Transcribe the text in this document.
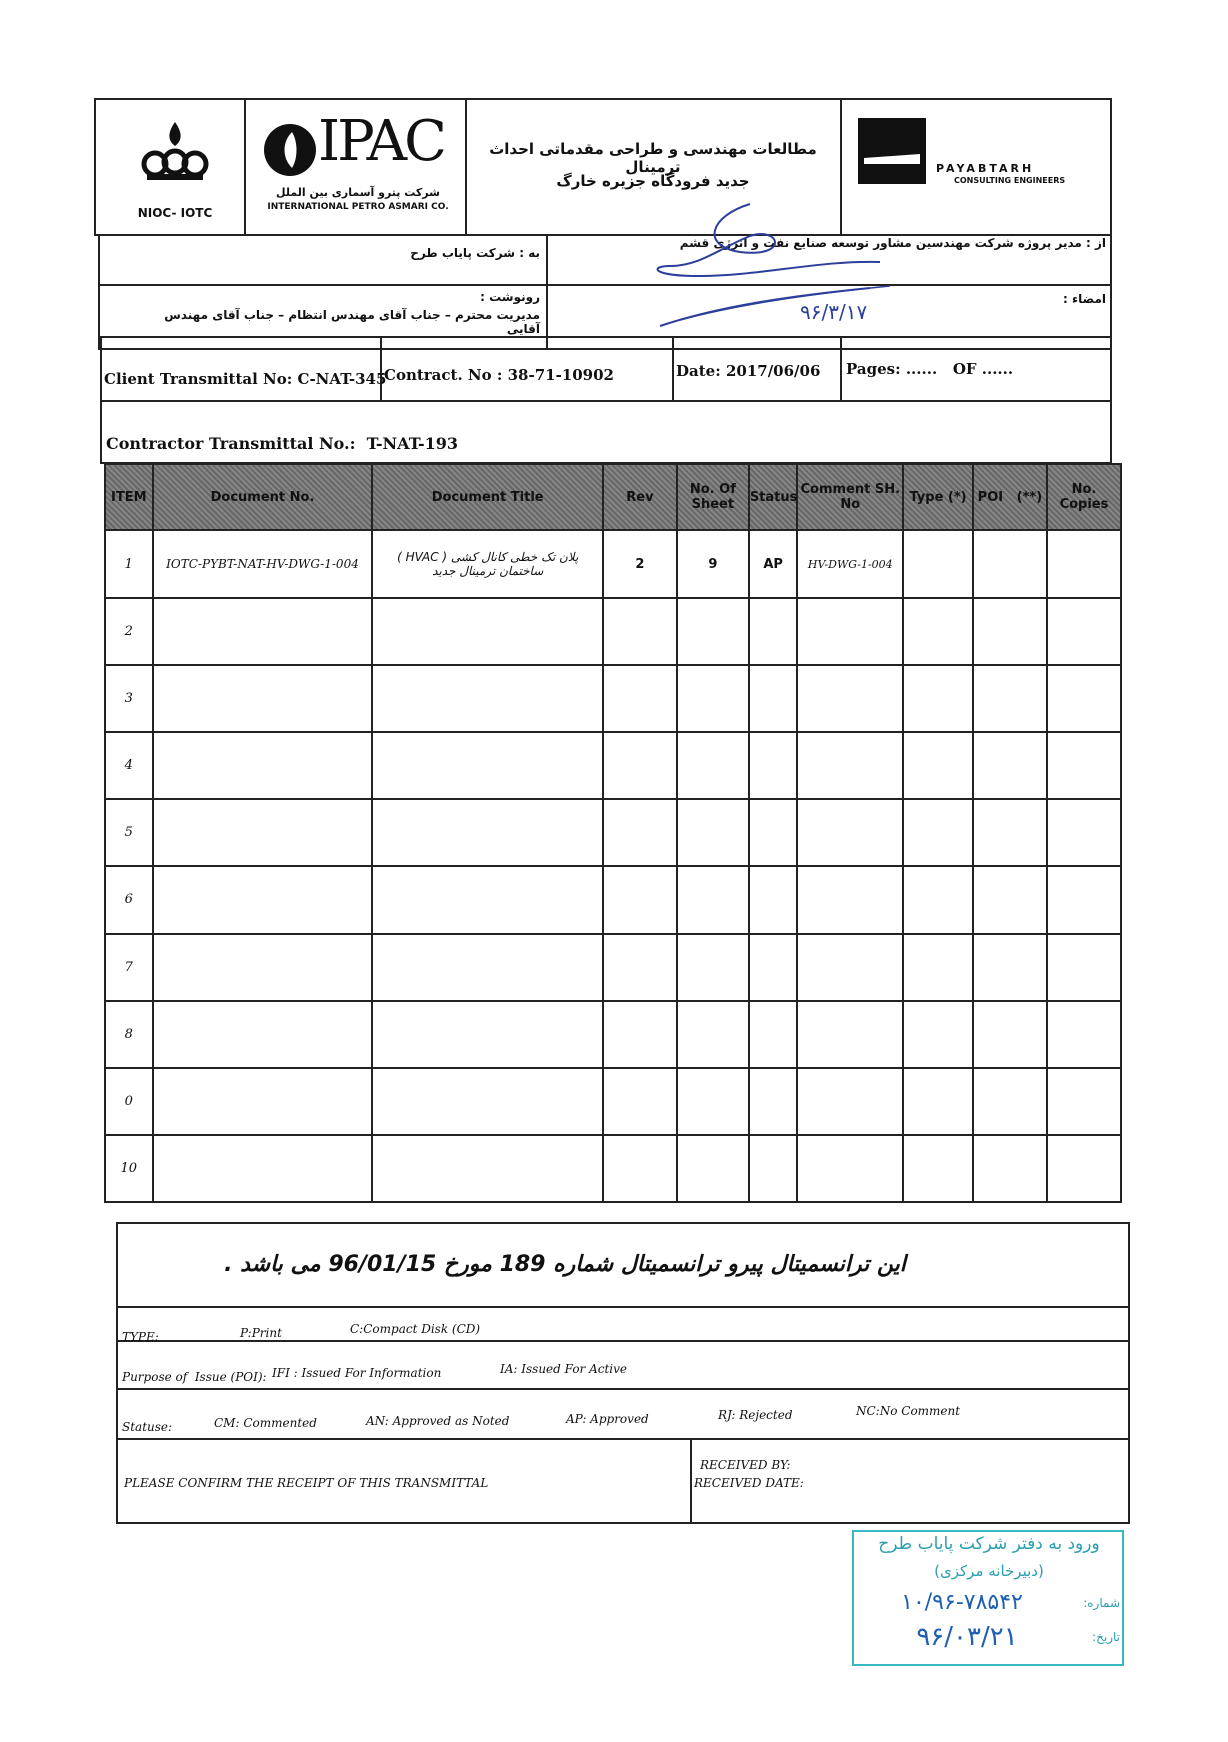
NIOC- IOTC
IPAC
شرکت پترو آسماری بین الملل
INTERNATIONAL PETRO ASMARI CO.
مطالعات مهندسی و طراحی مقدماتی احداث ترمینال
جدید فرودگاه جزیره خارگ
PAYABTARH
CONSULTING ENGINEERS
به : شرکت پایاب طرح
از : مدیر پروژه شرکت مهندسین مشاور توسعه صنایع نفت و انرژی قشم
رونوشت :
مدیریت محترم – جناب آقای مهندس انتظام – جناب آقای مهندس آقایی
امضاء :
۹۶/۳/۱۷
Client Transmittal No: C-NAT-345
Contract. No : 38-71-10902	Date: 2017/06/06 Pages: ......   OF ......
Contractor Transmittal No.:  T-NAT-193
ITEM	Document No.	Document Title	Rev	No. Of Sheet	Status	Comment SH. No	Type (*)	POI   (**)	No. Copies
1	IOTC-PYBT-NAT-HV-DWG-1-004	پلان تک خطی کانال کشی ( HVAC ) ساختمان ترمینال جدید	2	9	AP	HV-DWG-1-004			
2									
3									
4									
5									
6									
7									
8									
0									
10									
این ترانسمیتال پیرو ترانسمیتال شماره 189 مورخ 96/01/15 می باشد .
TYPE:	P:Print	C:Compact Disk (CD)
Purpose of  Issue (POI): IFI : Issued For Information	IA: Issued For Active
Statuse:	CM: Commented	AN: Approved as Noted	AP: Approved	RJ: Rejected	NC:No Comment
PLEASE CONFIRM THE RECEIPT OF THIS TRANSMITTAL
RECEIVED BY:
RECEIVED DATE:
ورود به دفتر شرکت پایاب طرح
(دبیرخانه مرکزی)
شماره:
۱۰/۹۶-۷۸۵۴۲
تاریخ:
۹۶/۰۳/۲۱
